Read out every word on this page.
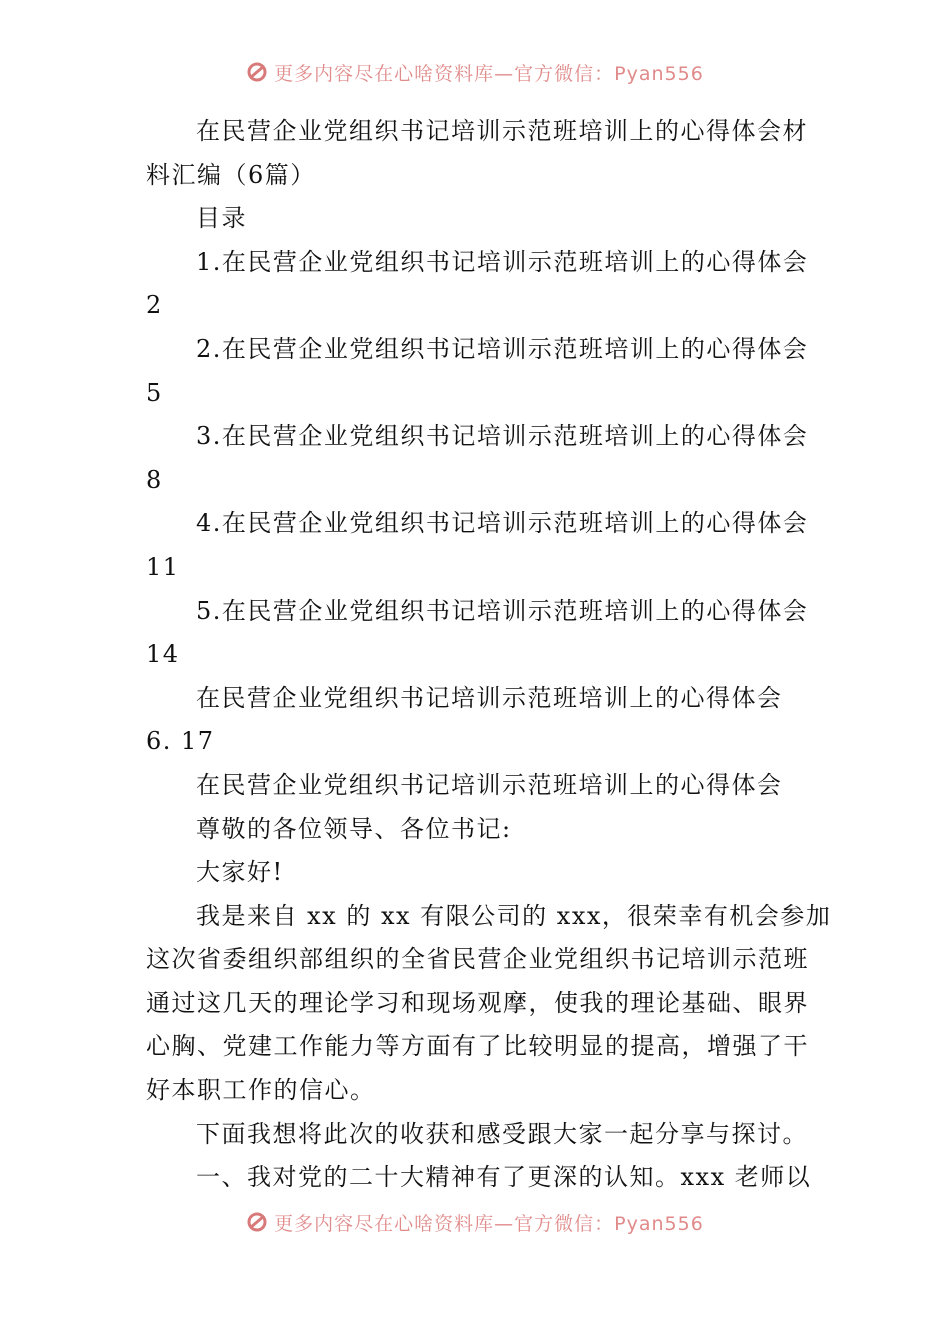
更多内容尽在心啥资料库—官方微信：Pyan556
在民营企业党组织书记培训示范班培训上的心得体会材
料汇编（6篇）
目录
1.在民营企业党组织书记培训示范班培训上的心得体会
2
2.在民营企业党组织书记培训示范班培训上的心得体会
5
3.在民营企业党组织书记培训示范班培训上的心得体会
8
4.在民营企业党组织书记培训示范班培训上的心得体会
11
5.在民营企业党组织书记培训示范班培训上的心得体会
14
在民营企业党组织书记培训示范班培训上的心得体会
6. 17
在民营企业党组织书记培训示范班培训上的心得体会
尊敬的各位领导、各位书记:
大家好!
我是来自 xx 的 xx 有限公司的 xxx，很荣幸有机会参加
这次省委组织部组织的全省民营企业党组织书记培训示范班
通过这几天的理论学习和现场观摩，使我的理论基础、眼界
心胸、党建工作能力等方面有了比较明显的提高，增强了干
好本职工作的信心。
下面我想将此次的收获和感受跟大家一起分享与探讨。
一、我对党的二十大精神有了更深的认知。xxx 老师以
更多内容尽在心啥资料库—官方微信：Pyan556
